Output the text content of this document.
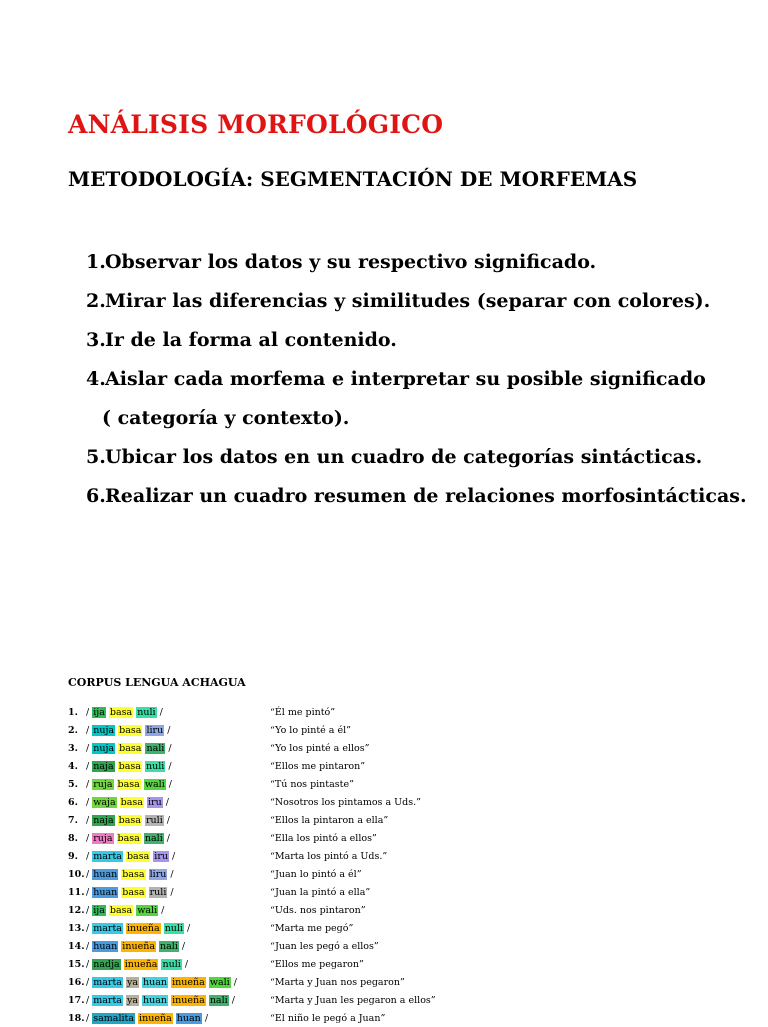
ANÁLISIS MORFOLÓGICO
METODOLOGÍA: SEGMENTACIÓN DE MORFEMAS
1.Observar los datos y su respectivo significado.
2.Mirar las diferencias y similitudes (separar con colores).
3.Ir de la forma al contenido.
4.Aislar cada morfema e interpretar su posible significado
( categoría y contexto).
5.Ubicar los datos en un cuadro de categorías sintácticas.
6.Realizar un cuadro resumen de relaciones morfosintácticas.
CORPUS LENGUA ACHAGUA
1. / ija basa nuli /	“Él me pintó”
2. / nuja basa liru /	“Yo lo pinté a él”
3. / nuja basa nali /	“Yo los pinté a ellos”
4. / naja basa nuli /	“Ellos me pintaron”
5. / ruja basa wali /	“Tú nos pintaste”
6. / waja basa iru /	“Nosotros los pintamos a Uds.”
7. / naja basa ruli /	“Ellos la pintaron a ella”
8. / ruja basa nali /	“Ella los pintó a ellos”
9. / marta basa iru /	“Marta los pintó a Uds.”
10. / huan basa liru /	“Juan lo pintó a él”
11. / huan basa ruli /	“Juan la pintó a ella”
12. / ija basa wali /	“Uds. nos pintaron”
13. / marta inueña nuli /	“Marta me pegó”
14. / huan inueña nali /	“Juan les pegó a ellos”
15. / nadja inueña nuli /	“Ellos me pegaron”
16. / marta ya huan inueña wali /	“Marta y Juan nos pegaron”
17. / marta ya huan inueña nali /	“Marta y Juan les pegaron a ellos”
18. / samalita inueña huan /	“El niño le pegó a Juan”
